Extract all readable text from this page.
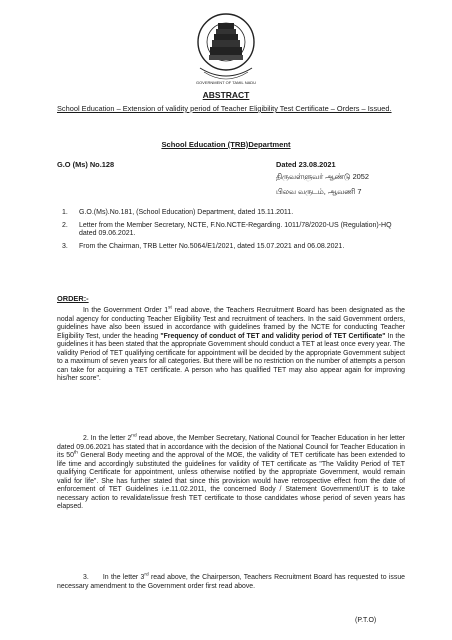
GOVERNMENT OF TAMIL NADU
ABSTRACT
School Education – Extension of validity period of Teacher Eligibility Test Certificate – Orders – Issued.
School Education (TRB)Department
G.O (Ms) No.128	Dated 23.08.2021
திருவள்ளுவர் ஆண்டு 2052
பிலவ வருடம், ஆவணி 7
1.	G.O.(Ms).No.181, (School Education) Department, dated 15.11.2011.
2.	Letter from the Member Secretary, NCTE, F.No.NCTE-Regarding. 1011/78/2020-US (Regulation)-HQ dated 09.06.2021.
3.	From the Chairman, TRB Letter No.5064/E1/2021, dated 15.07.2021 and 06.08.2021.
ORDER:-
In the Government Order 1st read above, the Teachers Recruitment Board has been designated as the nodal agency for conducting Teacher Eligibility Test and recruitment of teachers. In the said Government orders, guidelines have also been issued in accordance with guidelines framed by the NCTE for conducting Teacher Eligibility Test, under the heading "Frequency of conduct of TET and validity period of TET Certificate" In the guidelines it has been stated that the appropriate Government should conduct a TET at least once every year. The validity Period of TET qualifying certificate for appointment will be decided by the appropriate Government subject to a maximum of seven years for all categories. But there will be no restriction on the number of attempts a person can take for acquiring a TET certificate. A person who has qualified TET may also appear again for improving his/her score".
2. In the letter 2nd read above, the Member Secretary, National Council for Teacher Education in her letter dated 09.06.2021 has stated that in accordance with the decision of the National Council for Teacher Education in its 50th General Body meeting and the approval of the MOE, the validity of TET certificate has been extended to life time and accordingly substituted the guidelines for validity of TET certificate as "The Validity Period of TET qualifying Certificate for appointment, unless otherwise notified by the appropriate Government, would remain valid for life". She has further stated that since this provision would have retrospective effect from the date of enforcement of TET Guidelines i.e.11.02.2011, the concerned Body / Statement Government/UT is to take necessary action to revalidate/issue fresh TET certificate to those candidates whose period of seven years has elapsed.
3.      In the letter 3rd read above, the Chairperson, Teachers Recruitment Board has requested to issue necessary amendment to the Government order first read above.
(P.T.O)
